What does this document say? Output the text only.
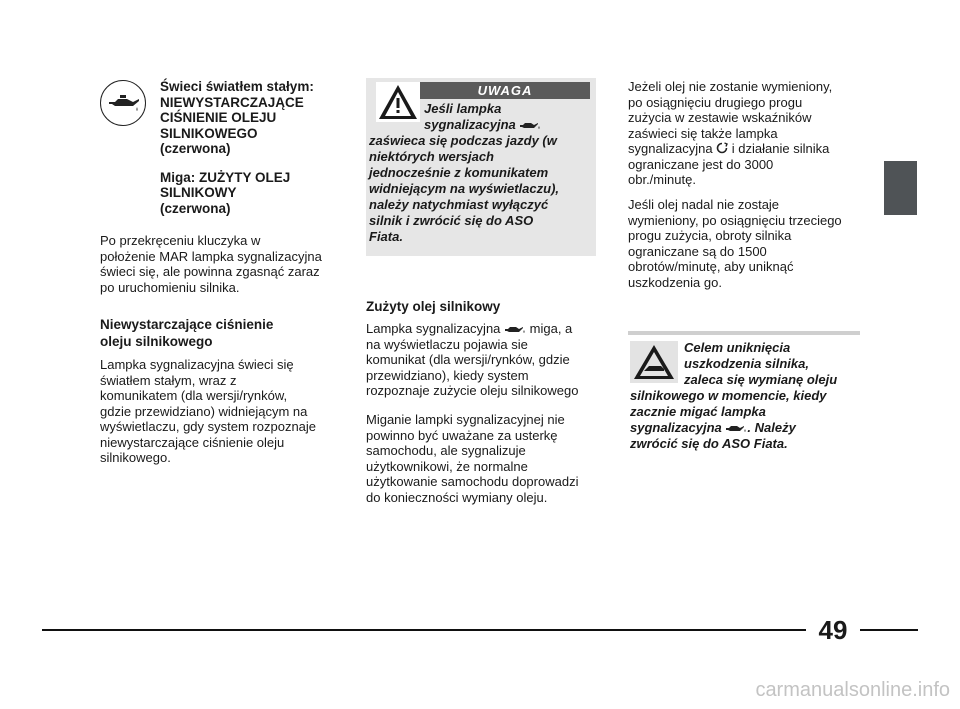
Świeci światłem stałym:

NIEWYSTARCZAJĄCE

CIŚNIENIE OLEJU

SILNIKOWEGO

(czerwona)

Miga: ZUŻYTY OLEJ

SILNIKOWY

(czerwona)

Po przekręceniu kluczyka w

położenie MAR lampka sygnalizacyjna

świeci się, ale powinna zgasnąć zaraz

po uruchomieniu silnika.

Niewystarczające ciśnienie

oleju silnikowego

Lampka sygnalizacyjna świeci się

światłem stałym, wraz z

komunikatem (dla wersji/rynków,

gdzie przewidziano) widniejącym na

wyświetlaczu, gdy system rozpoznaje

niewystarczające ciśnienie oleju

silnikowego.

UWAGA

Jeśli lampka

sygnalizacyjna

zaświeca się podczas jazdy (w

niektórych wersjach

jednocześnie z komunikatem

widniejącym na wyświetlaczu),

należy natychmiast wyłączyć

silnik i zwrócić się do ASO

Fiata.

Zużyty olej silnikowy

Lampka sygnalizacyjna miga, a

na wyświetlaczu pojawia sie

komunikat (dla wersji/rynków, gdzie

przewidziano), kiedy system

rozpoznaje zużycie oleju silnikowego

Miganie lampki sygnalizacyjnej nie

powinno być uważane za usterkę

samochodu, ale sygnalizuje

użytkownikowi, że normalne

użytkowanie samochodu doprowadzi

do konieczności wymiany oleju.

Jeżeli olej nie zostanie wymieniony,

po osiągnięciu drugiego progu

zużycia w zestawie wskaźników

zaświeci się także lampka

sygnalizacyjna i działanie silnika

ograniczane jest do 3000

obr./minutę.

Jeśli olej nadal nie zostaje

wymieniony, po osiągnięciu trzeciego

progu zużycia, obroty silnika

ograniczane są do 1500

obrotów/minutę, aby uniknąć

uszkodzenia go.

Celem uniknięcia

uszkodzenia silnika,

zaleca się wymianę oleju

silnikowego w momencie, kiedy

zacznie migać lampka

sygnalizacyjna . Należy

zwrócić się do ASO Fiata.

49
carmanualsonline.info
